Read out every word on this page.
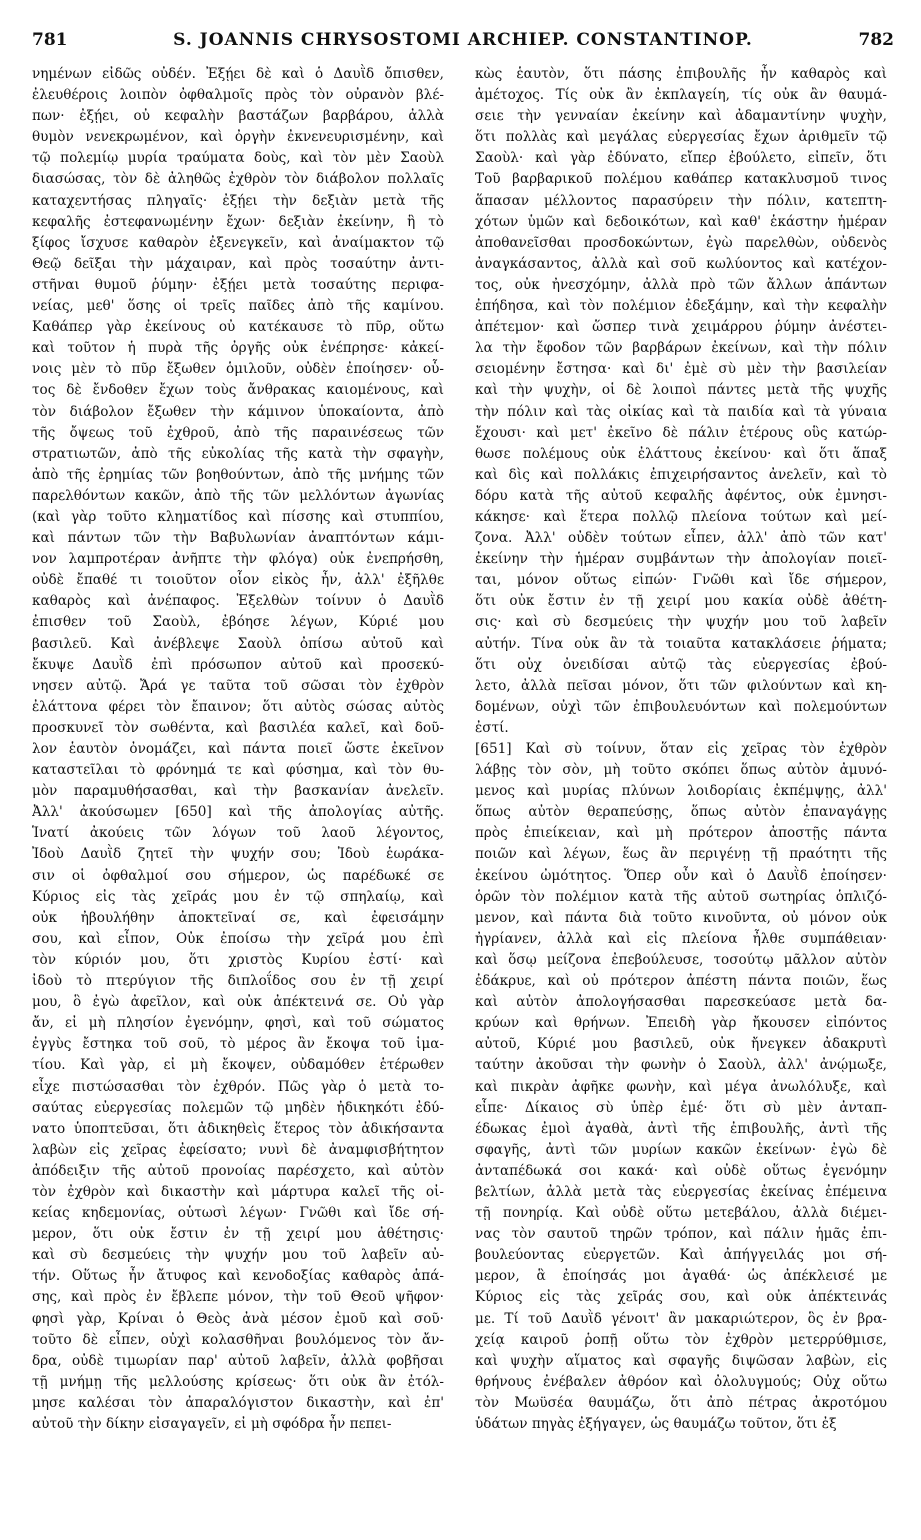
781	S. JOANNIS CHRYSOSTOMI ARCHIEP. CONSTANTINOP.	782
νημένων εἰδῶς οὐδέν. Ἐξῄει δὲ καὶ ὁ Δαυῒδ ὄπισθεν,
ἐλευθέροις λοιπὸν ὀφθαλμοῖς πρὸς τὸν οὐρανὸν βλέ-
πων· ἐξῄει, οὐ κεφαλὴν βαστάζων βαρβάρου, ἀλλὰ
θυμὸν νενεκρωμένον, καὶ ὀργὴν ἐκνενευρισμένην, καὶ
τῷ πολεμίῳ μυρία τραύματα δοὺς, καὶ τὸν μὲν Σαοὺλ
διασώσας, τὸν δὲ ἀληθῶς ἐχθρὸν τὸν διάβολον πολλαῖς
καταχεντήσας πληγαῖς· ἐξῄει τὴν δεξιὰν μετὰ τῆς
κεφαλῆς ἐστεφανωμένην ἔχων· δεξιὰν ἐκείνην, ἣ τὸ
ξίφος ἴσχυσε καθαρὸν ἐξενεγκεῖν, καὶ ἀναίμακτον τῷ
Θεῷ δεῖξαι τὴν μάχαιραν, καὶ πρὸς τοσαύτην ἀντι-
στῆναι θυμοῦ ῥύμην· ἐξῄει μετὰ τοσαύτης περιφα-
νείας, μεθ' ὅσης οἱ τρεῖς παῖδες ἀπὸ τῆς καμίνου.
Καθάπερ γὰρ ἐκείνους οὐ κατέκαυσε τὸ πῦρ, οὕτω
καὶ τοῦτον ἡ πυρὰ τῆς ὀργῆς οὐκ ἐνέπρησε· κἀκεί-
νοις μὲν τὸ πῦρ ἔξωθεν ὁμιλοῦν, οὐδὲν ἐποίησεν· οὗ-
τος δὲ ἔνδοθεν ἔχων τοὺς ἄνθρακας καιομένους, καὶ
τὸν διάβολον ἔξωθεν τὴν κάμινον ὑποκαίοντα, ἀπὸ
τῆς ὄψεως τοῦ ἐχθροῦ, ἀπὸ τῆς παραινέσεως τῶν
στρατιωτῶν, ἀπὸ τῆς εὐκολίας τῆς κατὰ τὴν σφαγὴν,
ἀπὸ τῆς ἐρημίας τῶν βοηθούντων, ἀπὸ τῆς μνήμης τῶν
παρελθόντων κακῶν, ἀπὸ τῆς τῶν μελλόντων ἀγωνίας
(καὶ γὰρ τοῦτο κληματίδος καὶ πίσσης καὶ στυππίου,
καὶ πάντων τῶν τὴν Βαβυλωνίαν ἀναπτόντων κάμι-
νον λαμπροτέραν ἀνῆπτε τὴν φλόγα) οὐκ ἐνεπρήσθη,
οὐδὲ ἔπαθέ τι τοιοῦτον οἷον εἰκὸς ἦν, ἀλλ' ἐξῆλθε
καθαρὸς καὶ ἀνέπαφος. Ἐξελθὼν τοίνυν ὁ Δαυῒδ
ἐπισθεν τοῦ Σαοὺλ, ἐβόησε λέγων, Κύριέ μου
βασιλεῦ. Καὶ ἀνέβλεψε Σαοὺλ ὀπίσω αὐτοῦ καὶ
ἔκυψε Δαυῒδ ἐπὶ πρόσωπον αὐτοῦ καὶ προσεκύ-
νησεν αὐτῷ. Ἄρά γε ταῦτα τοῦ σῶσαι τὸν ἐχθρὸν
ἐλάττονα φέρει τὸν ἔπαινον; ὅτι αὐτὸς σώσας αὐτὸς
προσκυνεῖ τὸν σωθέντα, καὶ βασιλέα καλεῖ, καὶ δοῦ-
λον ἑαυτὸν ὀνομάζει, καὶ πάντα ποιεῖ ὥστε ἐκεῖνον
καταστεῖλαι τὸ φρόνημά τε καὶ φύσημα, καὶ τὸν θυ-
μὸν παραμυθήσασθαι, καὶ τὴν βασκανίαν ἀνελεῖν.
Ἀλλ' ἀκούσωμεν [650] καὶ τῆς ἀπολογίας αὐτῆς.
Ἱνατί ἀκούεις τῶν λόγων τοῦ λαοῦ λέγοντος,
Ἰδοὺ Δαυῒδ ζητεῖ τὴν ψυχήν σου; Ἰδοὺ ἑωράκα-
σιν οἱ ὀφθαλμοί σου σήμερον, ὡς παρέδωκέ σε
Κύριος εἰς τὰς χεῖράς μου ἐν τῷ σπηλαίῳ, καὶ
οὐκ ἠβουλήθην ἀποκτεῖναί σε, καὶ ἐφεισάμην
σου, καὶ εἶπον, Οὐκ ἐποίσω τὴν χεῖρά μου ἐπὶ
τὸν κύριόν μου, ὅτι χριστὸς Κυρίου ἐστί· καὶ
ἰδοὺ τὸ πτερύγιον τῆς διπλοΐδος σου ἐν τῇ χειρί
μου, ὃ ἐγὼ ἀφεῖλον, καὶ οὐκ ἀπέκτεινά σε. Οὐ γὰρ
ἄν, εἰ μὴ πλησίον ἐγενόμην, φησὶ, καὶ τοῦ σώματος
ἐγγὺς ἔστηκα τοῦ σοῦ, τὸ μέρος ἂν ἔκοψα τοῦ ἱμα-
τίου. Καὶ γὰρ, εἰ μὴ ἔκοψεν, οὐδαμόθεν ἑτέρωθεν
εἶχε πιστώσασθαι τὸν ἐχθρόν. Πῶς γὰρ ὁ μετὰ το-
σαύτας εὐεργεσίας πολεμῶν τῷ μηδὲν ἠδικηκότι ἐδύ-
νατο ὑποπτεῦσαι, ὅτι ἀδικηθεὶς ἕτερος τὸν ἀδικήσαντα
λαβὼν εἰς χεῖρας ἐφείσατο; νυνὶ δὲ ἀναμφισβήτητον
ἀπόδειξιν τῆς αὐτοῦ προνοίας παρέσχετο, καὶ αὐτὸν
τὸν ἐχθρὸν καὶ δικαστὴν καὶ μάρτυρα καλεῖ τῆς οἰ-
κείας κηδεμονίας, οὑτωσὶ λέγων· Γνῶθι καὶ ἴδε σή-
μερον, ὅτι οὐκ ἔστιν ἐν τῇ χειρί μου ἀθέτησις·
καὶ σὺ δεσμεύεις τὴν ψυχήν μου τοῦ λαβεῖν αὐ-
τήν. Οὕτως ἦν ἄτυφος καὶ κενοδοξίας καθαρὸς ἁπά-
σης, καὶ πρὸς ἐν ἔβλεπε μόνον, τὴν τοῦ Θεοῦ ψῆφον·
φησὶ γὰρ, Κρίναι ὁ Θεὸς ἀνὰ μέσον ἐμοῦ καὶ σοῦ·
τοῦτο δὲ εἶπεν, οὐχὶ κολασθῆναι βουλόμενος τὸν ἄν-
δρα, οὐδὲ τιμωρίαν παρ' αὐτοῦ λαβεῖν, ἀλλὰ φοβῆσαι
τῇ μνήμῃ τῆς μελλούσης κρίσεως· ὅτι οὐκ ἂν ἐτόλ-
μησε καλέσαι τὸν ἀπαραλόγιστον δικαστὴν, καὶ ἐπ'
αὐτοῦ τὴν δίκην εἰσαγαγεῖν, εἰ μὴ σφόδρα ἦν πεπει-
κὼς ἑαυτὸν, ὅτι πάσης ἐπιβουλῆς ἦν καθαρὸς καὶ
ἀμέτοχος. Τίς οὐκ ἂν ἐκπλαγείη, τίς οὐκ ἂν θαυμά-
σειε τὴν γενναίαν ἐκείνην καὶ ἀδαμαντίνην ψυχὴν,
ὅτι πολλὰς καὶ μεγάλας εὐεργεσίας ἔχων ἀριθμεῖν τῷ
Σαοὺλ· καὶ γὰρ ἐδύνατο, εἴπερ ἐβούλετο, εἰπεῖν, ὅτι
Τοῦ βαρβαρικοῦ πολέμου καθάπερ κατακλυσμοῦ τινος
ἅπασαν μέλλοντος παρασύρειν τὴν πόλιν, κατεπτη-
χότων ὑμῶν καὶ δεδοικότων, καὶ καθ' ἑκάστην ἡμέραν
ἀποθανεῖσθαι προσδοκώντων, ἐγὼ παρελθὼν, οὐδενὸς
ἀναγκάσαντος, ἀλλὰ καὶ σοῦ κωλύοντος καὶ κατέχον-
τος, οὐκ ἠνεσχόμην, ἀλλὰ πρὸ τῶν ἄλλων ἁπάντων
ἐπήδησα, καὶ τὸν πολέμιον ἐδεξάμην, καὶ τὴν κεφαλὴν
ἀπέτεμον· καὶ ὥσπερ τινὰ χειμάρρου ῥύμην ἀνέστει-
λα τὴν ἔφοδον τῶν βαρβάρων ἐκείνων, καὶ τὴν πόλιν
σειομένην ἔστησα· καὶ δι' ἐμὲ σὺ μὲν τὴν βασιλείαν
καὶ τὴν ψυχὴν, οἱ δὲ λοιποὶ πάντες μετὰ τῆς ψυχῆς
τὴν πόλιν καὶ τὰς οἰκίας καὶ τὰ παιδία καὶ τὰ γύναια
ἔχουσι· καὶ μετ' ἐκεῖνο δὲ πάλιν ἑτέρους οὓς κατώρ-
θωσε πολέμους οὐκ ἐλάττους ἐκείνου· καὶ ὅτι ἅπαξ
καὶ δὶς καὶ πολλάκις ἐπιχειρήσαντος ἀνελεῖν, καὶ τὸ
δόρυ κατὰ τῆς αὐτοῦ κεφαλῆς ἀφέντος, οὐκ ἐμνησι-
κάκησε· καὶ ἕτερα πολλῷ πλείονα τούτων καὶ μεί-
ζονα. Ἀλλ' οὐδὲν τούτων εἶπεν, ἀλλ' ἀπὸ τῶν κατ'
ἐκείνην τὴν ἡμέραν συμβάντων τὴν ἀπολογίαν ποιεῖ-
ται, μόνον οὕτως εἰπών· Γνῶθι καὶ ἴδε σήμερον,
ὅτι οὐκ ἔστιν ἐν τῇ χειρί μου κακία οὐδὲ ἀθέτη-
σις· καὶ σὺ δεσμεύεις τὴν ψυχήν μου τοῦ λαβεῖν
αὐτήν. Τίνα οὐκ ἂν τὰ τοιαῦτα κατακλάσειε ῥήματα;
ὅτι οὐχ ὀνειδίσαι αὐτῷ τὰς εὐεργεσίας ἐβού-
λετο, ἀλλὰ πεῖσαι μόνον, ὅτι τῶν φιλούντων καὶ κη-
δομένων, οὐχὶ τῶν ἐπιβουλευόντων καὶ πολεμούντων
ἐστί.
[651] Καὶ σὺ τοίνυν, ὅταν εἰς χεῖρας τὸν ἐχθρὸν
λάβῃς τὸν σὸν, μὴ τοῦτο σκόπει ὅπως αὐτὸν ἀμυνό-
μενος καὶ μυρίας πλύνων λοιδορίαις ἐκπέμψῃς, ἀλλ'
ὅπως αὐτὸν θεραπεύσῃς, ὅπως αὐτὸν ἐπαναγάγῃς
πρὸς ἐπιείκειαν, καὶ μὴ πρότερον ἀποστῇς πάντα
ποιῶν καὶ λέγων, ἕως ἂν περιγένῃ τῇ πραότητι τῆς
ἐκείνου ὠμότητος. Ὅπερ οὖν καὶ ὁ Δαυῒδ ἐποίησεν·
ὁρῶν τὸν πολέμιον κατὰ τῆς αὐτοῦ σωτηρίας ὁπλιζό-
μενον, καὶ πάντα διὰ τοῦτο κινοῦντα, οὐ μόνον οὐκ
ἠγρίανεν, ἀλλὰ καὶ εἰς πλείονα ἦλθε συμπάθειαν·
καὶ ὅσῳ μείζονα ἐπεβούλευσε, τοσούτῳ μᾶλλον αὐτὸν
ἐδάκρυε, καὶ οὐ πρότερον ἀπέστη πάντα ποιῶν, ἕως
καὶ αὐτὸν ἀπολογήσασθαι παρεσκεύασε μετὰ δα-
κρύων καὶ θρήνων. Ἐπειδὴ γὰρ ἤκουσεν εἰπόντος
αὐτοῦ, Κύριέ μου βασιλεῦ, οὐκ ἤνεγκεν ἀδακρυτὶ
ταύτην ἀκοῦσαι τὴν φωνὴν ὁ Σαοὺλ, ἀλλ' ἀνῴμωξε,
καὶ πικρὰν ἀφῆκε φωνὴν, καὶ μέγα ἀνωλόλυξε, καὶ
εἶπε· Δίκαιος σὺ ὑπὲρ ἐμέ· ὅτι σὺ μὲν ἀνταπ-
έδωκας ἐμοὶ ἀγαθὰ, ἀντὶ τῆς ἐπιβουλῆς, ἀντὶ τῆς
σφαγῆς, ἀντὶ τῶν μυρίων κακῶν ἐκείνων· ἐγὼ δὲ
ἀνταπέδωκά σοι κακά· καὶ οὐδὲ οὕτως ἐγενόμην
βελτίων, ἀλλὰ μετὰ τὰς εὐεργεσίας ἐκείνας ἐπέμεινα
τῇ πονηρίᾳ. Καὶ οὐδὲ οὕτω μετεβάλου, ἀλλὰ διέμει-
νας τὸν σαυτοῦ τηρῶν τρόπον, καὶ πάλιν ἡμᾶς ἐπι-
βουλεύοντας εὐεργετῶν. Καὶ ἀπήγγειλάς μοι σή-
μερον, ἃ ἐποίησάς μοι ἀγαθά· ὡς ἀπέκλεισέ με
Κύριος εἰς τὰς χεῖράς σου, καὶ οὐκ ἀπέκτεινάς
με. Τί τοῦ Δαυῒδ γένοιτ' ἂν μακαριώτερον, ὃς ἐν βρα-
χείᾳ καιροῦ ῥοπῇ οὕτω τὸν ἐχθρὸν μετερρύθμισε,
καὶ ψυχὴν αἵματος καὶ σφαγῆς διψῶσαν λαβὼν, εἰς
θρήνους ἐνέβαλεν ἀθρόον καὶ ὀλολυγμούς; Οὐχ οὕτω
τὸν Μωϋσέα θαυμάζω, ὅτι ἀπὸ πέτρας ἀκροτόμου
ὑδάτων πηγὰς ἐξήγαγεν, ὡς θαυμάζω τοῦτον, ὅτι ἐξ
